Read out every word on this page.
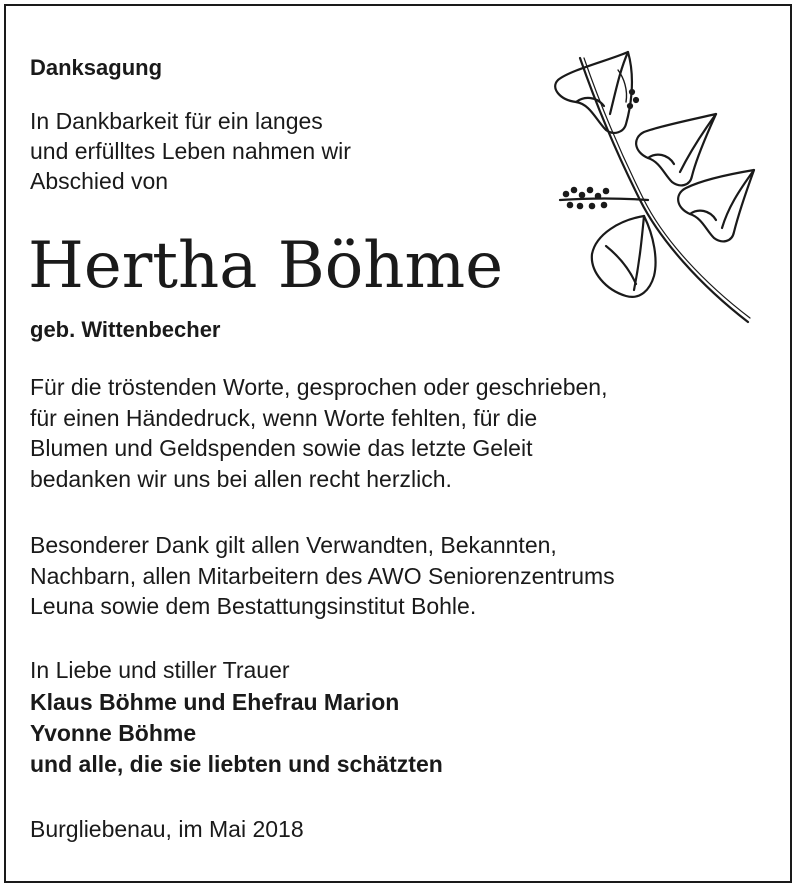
Danksagung
In Dankbarkeit für ein langes
und erfülltes Leben nahmen wir
Abschied von
Hertha Böhme
geb. Wittenbecher
Für die tröstenden Worte, gesprochen oder geschrieben,
für einen Händedruck, wenn Worte fehlten, für die
Blumen und Geldspenden sowie das letzte Geleit
bedanken wir uns bei allen recht herzlich.
Besonderer Dank gilt allen Verwandten, Bekannten,
Nachbarn, allen Mitarbeitern des AWO Seniorenzentrums
Leuna sowie dem Bestattungsinstitut Bohle.
In Liebe und stiller Trauer
Klaus Böhme und Ehefrau Marion
Yvonne Böhme
und alle, die sie liebten und schätzten
Burgliebenau, im Mai 2018
